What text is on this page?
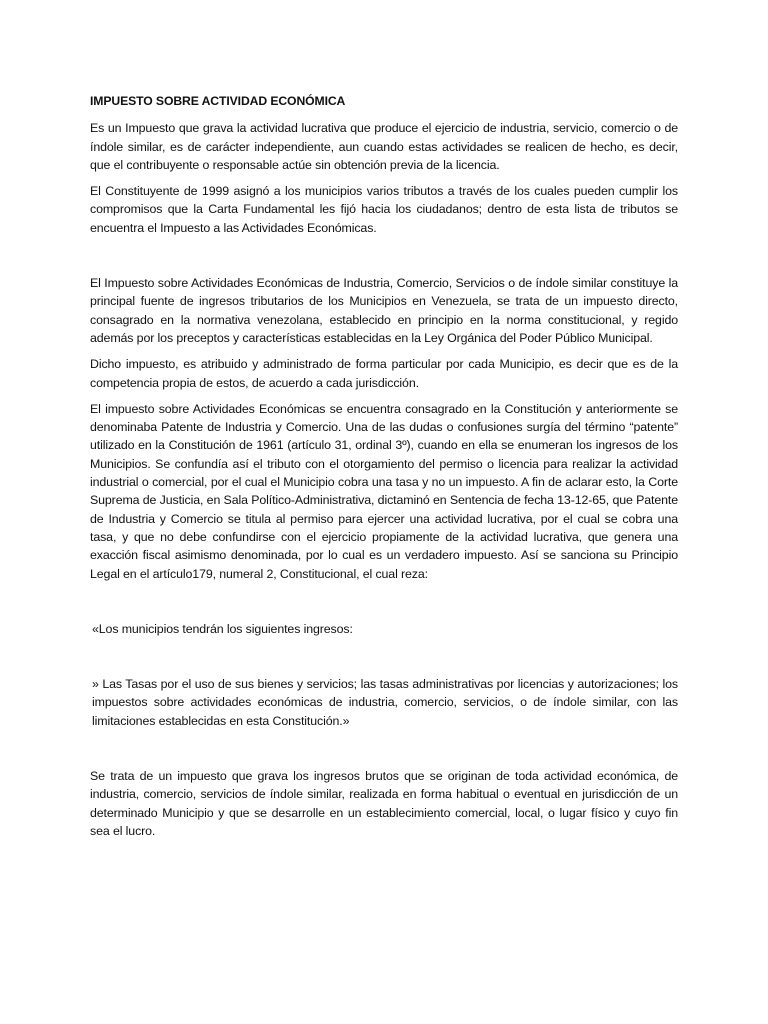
IMPUESTO SOBRE ACTIVIDAD ECONÓMICA

Es un Impuesto que grava la actividad lucrativa que produce el ejercicio de industria, servicio, comercio o de índole similar, es de carácter independiente, aun cuando estas actividades se realicen de hecho, es decir, que el contribuyente o responsable actúe sin obtención previa de la licencia.

El Constituyente de 1999 asignó a los municipios varios tributos a través de los cuales pueden cumplir los compromisos que la Carta Fundamental les fijó hacia los ciudadanos; dentro de esta lista de tributos se encuentra el Impuesto a las Actividades Económicas.

El Impuesto sobre Actividades Económicas de Industria, Comercio, Servicios o de índole similar constituye la principal fuente de ingresos tributarios de los Municipios en Venezuela, se trata de un impuesto directo, consagrado en la normativa venezolana, establecido en principio en la norma constitucional, y regido además por los preceptos y características establecidas en la Ley Orgánica del Poder Público Municipal.

Dicho impuesto, es atribuido y administrado de forma particular por cada Municipio, es decir que es de la competencia propia de estos, de acuerdo a cada jurisdicción.

El impuesto sobre Actividades Económicas se encuentra consagrado en la Constitución y anteriormente se denominaba Patente de Industria y Comercio. Una de las dudas o confusiones surgía del término “patente” utilizado en la Constitución de 1961 (artículo 31, ordinal 3º), cuando en ella se enumeran los ingresos de los Municipios. Se confundía así el tributo con el otorgamiento del permiso o licencia para realizar la actividad industrial o comercial, por el cual el Municipio cobra una tasa y no un impuesto. A fin de aclarar esto, la Corte Suprema de Justicia, en Sala Político-Administrativa, dictaminó en Sentencia de fecha 13-12-65, que Patente de Industria y Comercio se titula al permiso para ejercer una actividad lucrativa, por el cual se cobra una tasa, y que no debe confundirse con el ejercicio propiamente de la actividad lucrativa, que genera una exacción fiscal asimismo denominada, por lo cual es un verdadero impuesto. Así se sanciona su Principio Legal en el artículo179, numeral 2, Constitucional, el cual reza:

«Los municipios tendrán los siguientes ingresos:

» Las Tasas por el uso de sus bienes y servicios; las tasas administrativas por licencias y autorizaciones; los impuestos sobre actividades económicas de industria, comercio, servicios, o de índole similar, con las limitaciones establecidas en esta Constitución.»

Se trata de un impuesto que grava los ingresos brutos que se originan de toda actividad económica, de industria, comercio, servicios de índole similar, realizada en forma habitual o eventual en jurisdicción de un determinado Municipio y que se desarrolle en un establecimiento comercial, local, o lugar físico y cuyo fin sea el lucro.
